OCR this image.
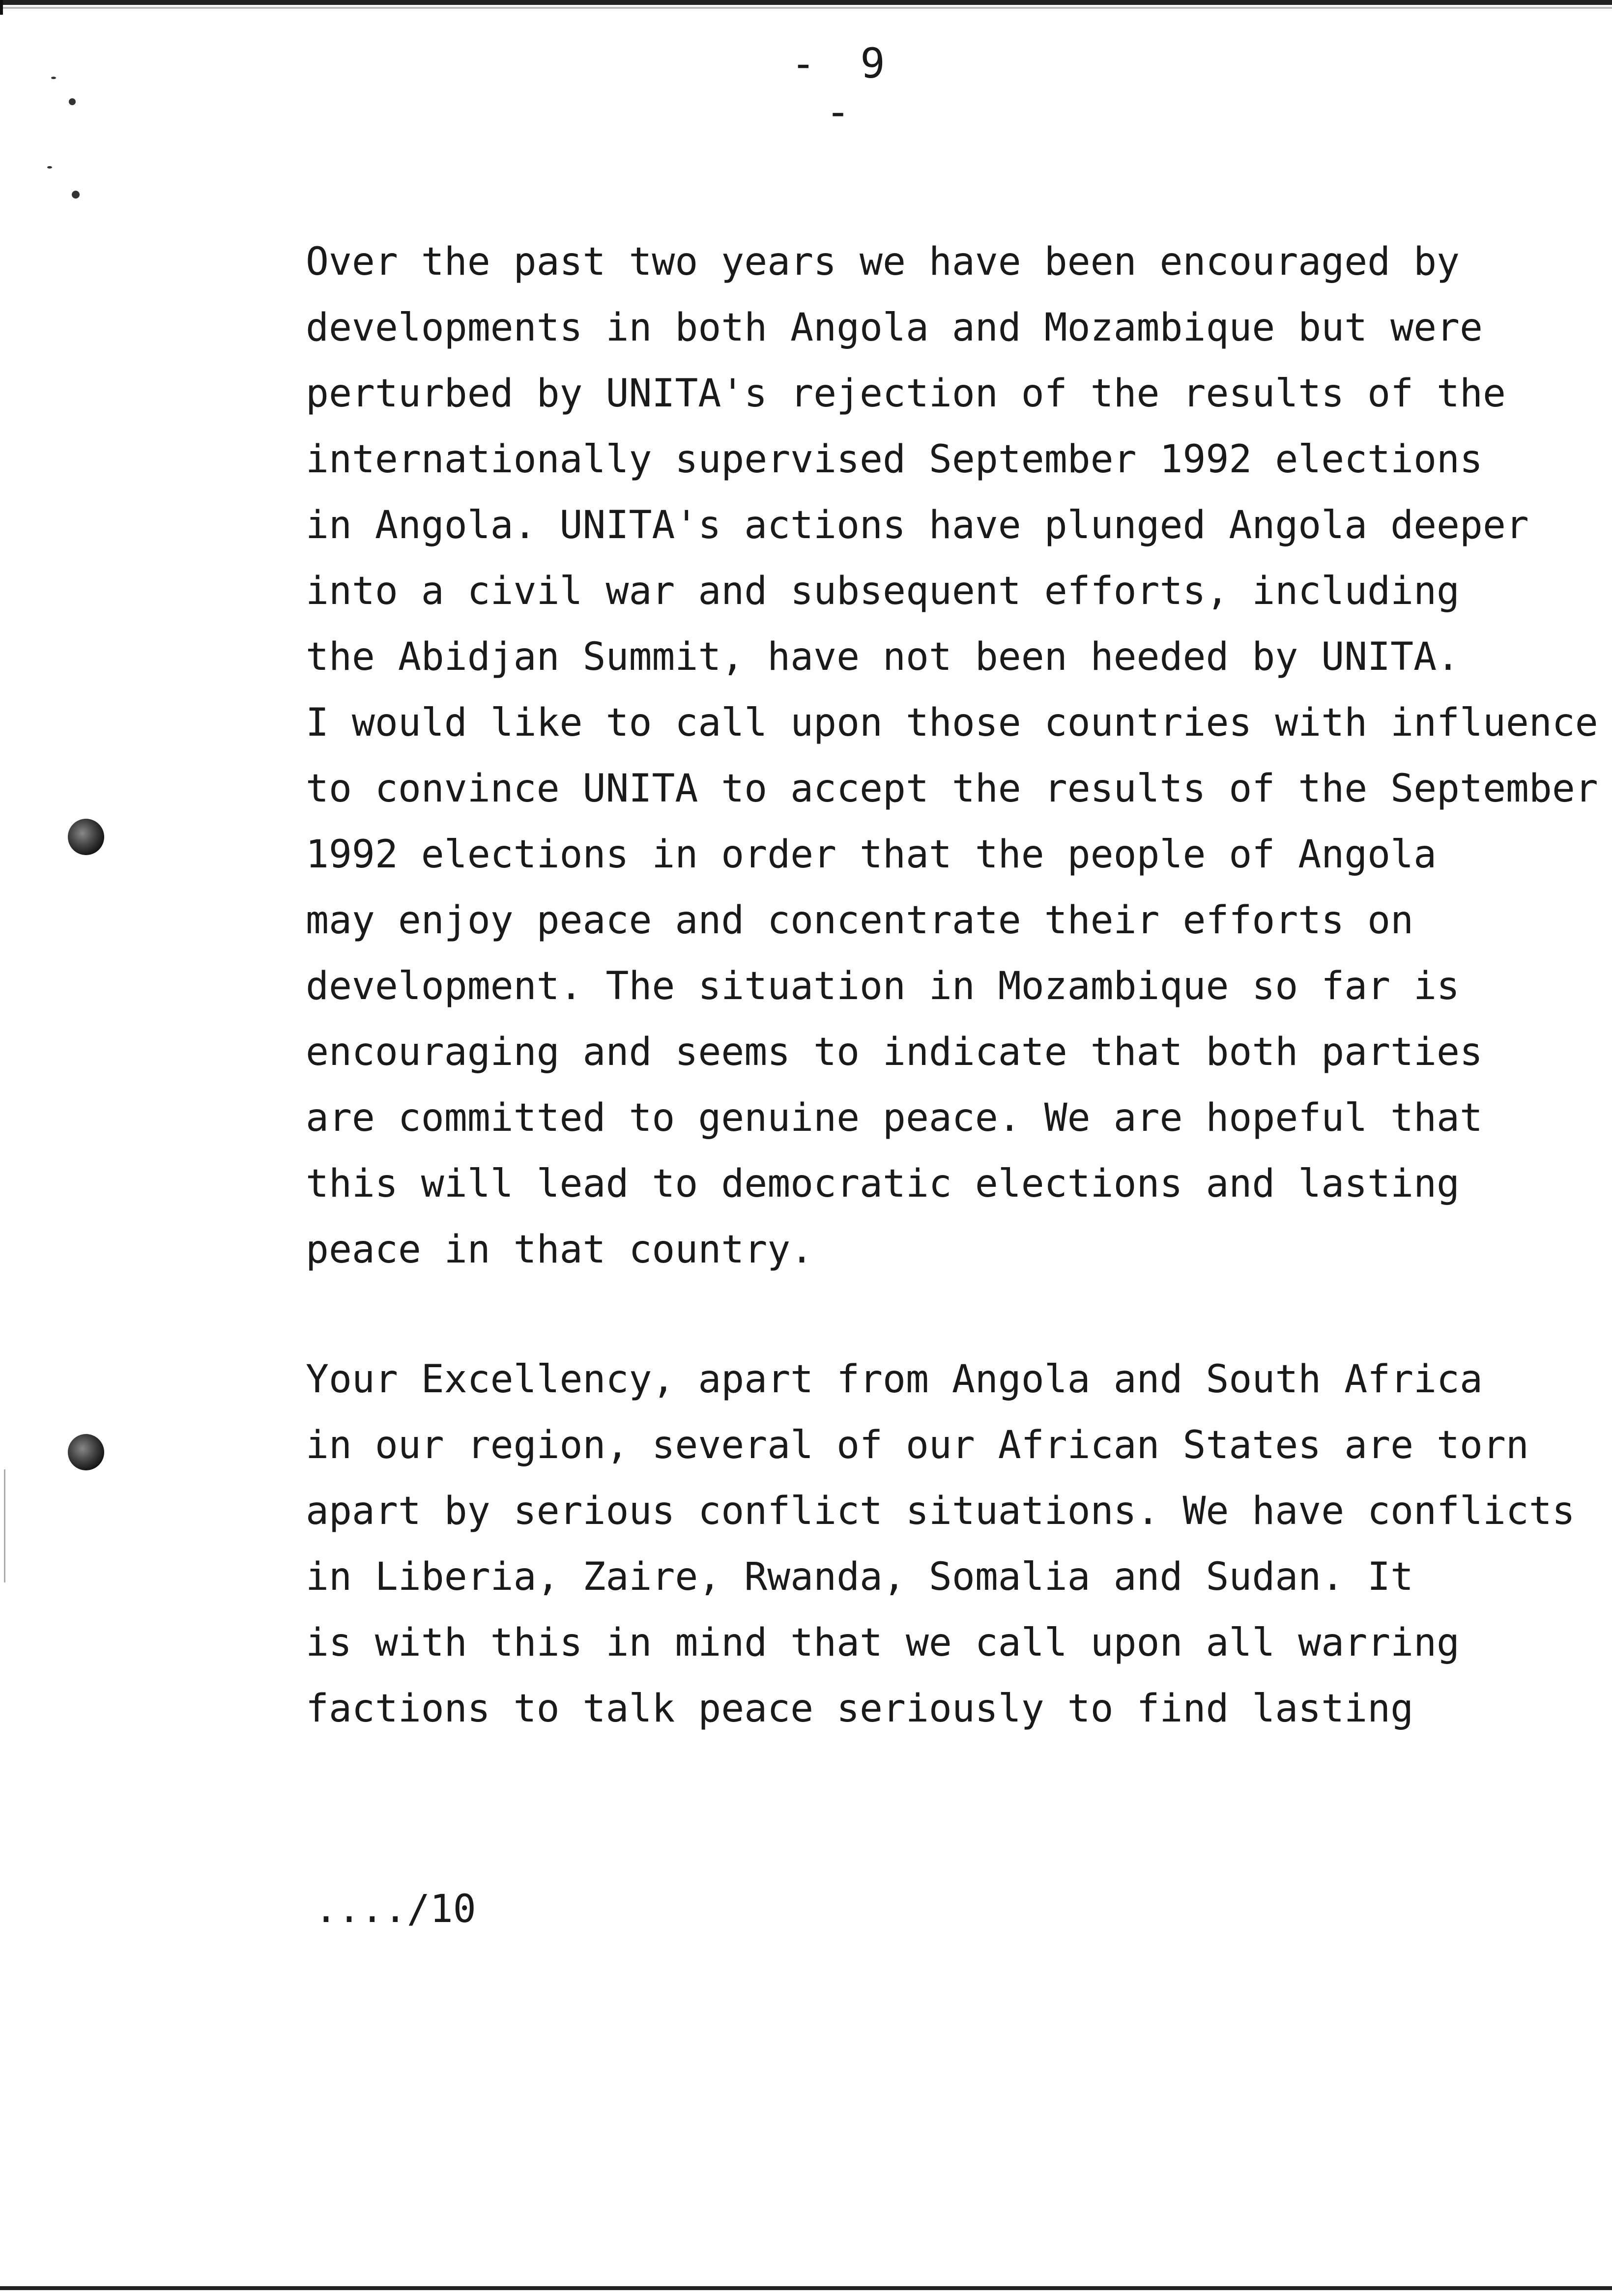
- 9 -
Over the past two years we have been encouraged by
developments in both Angola and Mozambique but were
perturbed by UNITA's rejection of the results of the
internationally supervised September 1992 elections
in Angola. UNITA's actions have plunged Angola deeper
into a civil war and subsequent efforts, including
the Abidjan Summit, have not been heeded by UNITA.
I would like to call upon those countries with influence
to convince UNITA to accept the results of the September
1992 elections in order that the people of Angola
may enjoy peace and concentrate their efforts on
development. The situation in Mozambique so far is
encouraging and seems to indicate that both parties
are committed to genuine peace. We are hopeful that
this will lead to democratic elections and lasting
peace in that country.
Your Excellency, apart from Angola and South Africa
in our region, several of our African States are torn
apart by serious conflict situations. We have conflicts
in Liberia, Zaire, Rwanda, Somalia and Sudan. It
is with this in mind that we call upon all warring
factions to talk peace seriously to find lasting
..../10
